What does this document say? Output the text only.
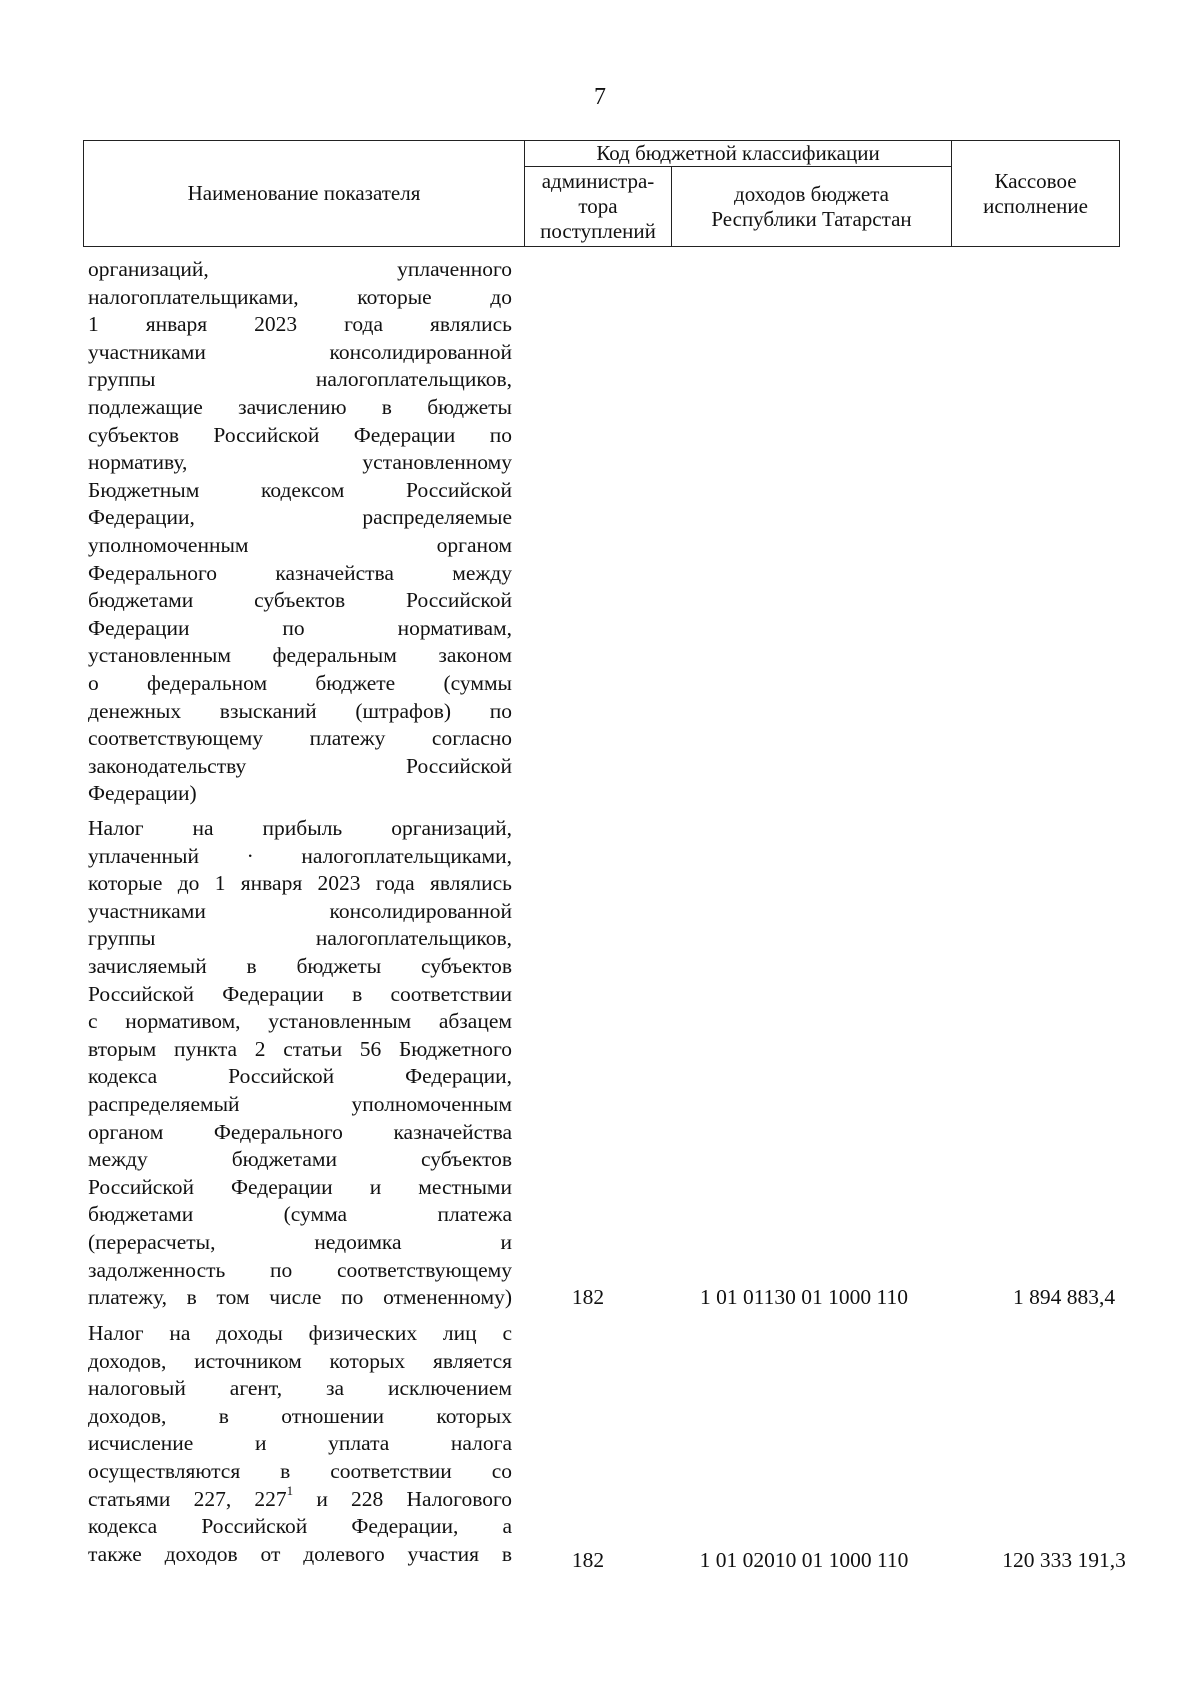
7
Наименование показателя	Код бюджетной классификации		Кассовое
исполнение
	администра-
тора
поступлений	доходов бюджета
Республики Татарстан	
организаций, уплаченного
налогоплательщиками, которые до
1 января 2023 года являлись
участниками консолидированной
группы налогоплательщиков,
подлежащие зачислению в бюджеты
субъектов Российской Федерации по
нормативу, установленному
Бюджетным кодексом Российской
Федерации, распределяемые
уполномоченным органом
Федерального казначейства между
бюджетами субъектов Российской
Федерации по нормативам,
установленным федеральным законом
о федеральном бюджете (суммы
денежных взысканий (штрафов) по
соответствующему платежу согласно
законодательству Российской
Федерации)
Налог на прибыль организаций,
уплаченный · налогоплательщиками,
которые до 1 января 2023 года являлись
участниками консолидированной
группы налогоплательщиков,
зачисляемый в бюджеты субъектов
Российской Федерации в соответствии
с нормативом, установленным абзацем
вторым пункта 2 статьи 56 Бюджетного
кодекса Российской Федерации,
распределяемый уполномоченным
органом Федерального казначейства
между бюджетами субъектов
Российской Федерации и местными
бюджетами (сумма платежа
(перерасчеты, недоимка и
задолженность по соответствующему
платежу, в том числе по отмененному)	182	1 01 01130 01 1000 110	1 894 883,4
Налог на доходы физических лиц с
доходов, источником которых является
налоговый агент, за исключением
доходов, в отношении которых
исчисление и уплата налога
осуществляются в соответствии со
статьями 227, $227^1$ и 228 Налогового
кодекса Российской Федерации, а
также доходов от долевого участия в	182	1 01 02010 01 1000 110	120 333 191,3
